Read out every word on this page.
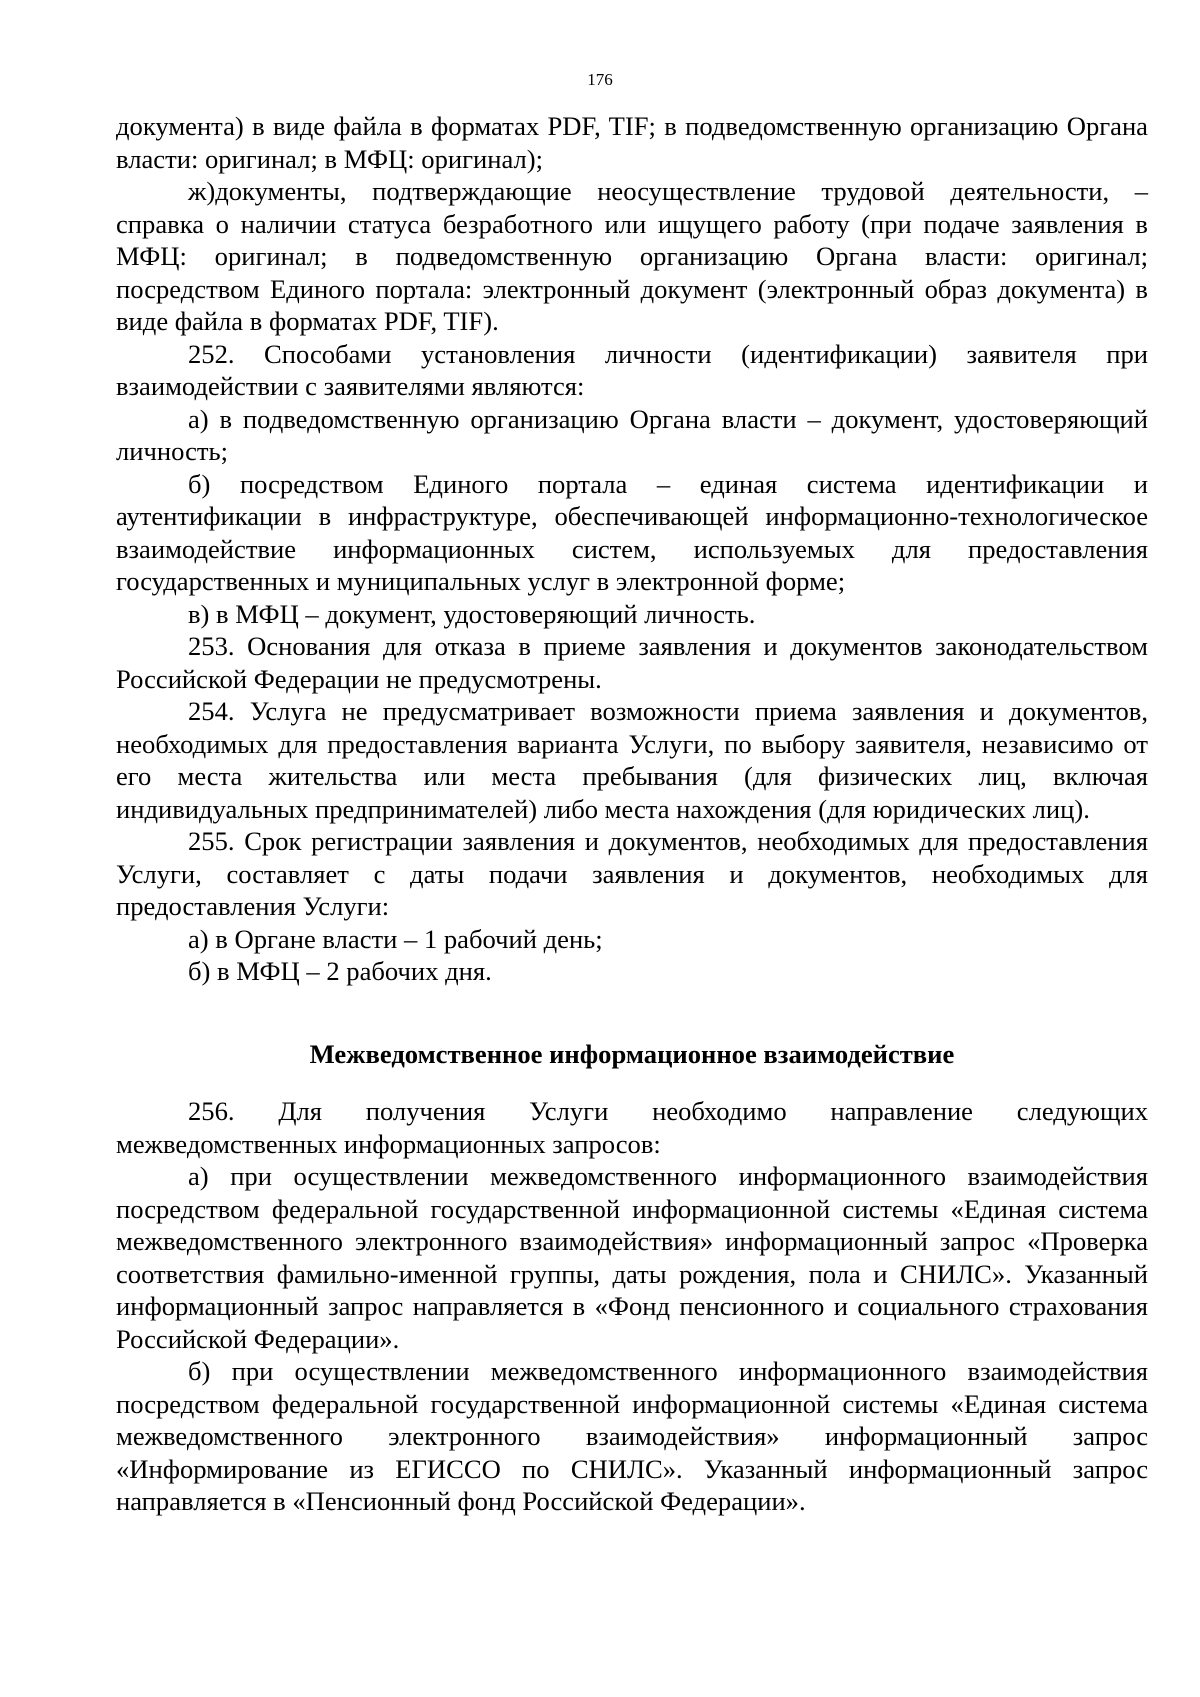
176

документа) в виде файла в форматах PDF, TIF; в подведомственную организацию Органа власти: оригинал; в МФЦ: оригинал);

ж)документы, подтверждающие неосуществление трудовой деятельности, – справка о наличии статуса безработного или ищущего работу (при подаче заявления в МФЦ: оригинал; в подведомственную организацию Органа власти: оригинал; посредством Единого портала: электронный документ (электронный образ документа) в виде файла в форматах PDF, TIF).

252. Способами установления личности (идентификации) заявителя при взаимодействии с заявителями являются:

а) в подведомственную организацию Органа власти – документ, удостоверяющий личность;

б) посредством Единого портала – единая система идентификации и аутентификации в инфраструктуре, обеспечивающей информационно-технологическое взаимодействие информационных систем, используемых для предоставления государственных и муниципальных услуг в электронной форме;

в) в МФЦ – документ, удостоверяющий личность.

253. Основания для отказа в приеме заявления и документов законодательством Российской Федерации не предусмотрены.

254. Услуга не предусматривает возможности приема заявления и документов, необходимых для предоставления варианта Услуги, по выбору заявителя, независимо от его места жительства или места пребывания (для физических лиц, включая индивидуальных предпринимателей) либо места нахождения (для юридических лиц).

255. Срок регистрации заявления и документов, необходимых для предоставления Услуги, составляет с даты подачи заявления и документов, необходимых для предоставления Услуги:

а) в Органе власти – 1 рабочий день;

б) в МФЦ – 2 рабочих дня.

Межведомственное информационное взаимодействие

256. Для получения Услуги необходимо направление следующих межведомственных информационных запросов:

а) при осуществлении межведомственного информационного взаимодействия посредством федеральной государственной информационной системы «Единая система межведомственного электронного взаимодействия» информационный запрос «Проверка соответствия фамильно-именной группы, даты рождения, пола и СНИЛС». Указанный информационный запрос направляется в «Фонд пенсионного и социального страхования Российской Федерации».

б) при осуществлении межведомственного информационного взаимодействия посредством федеральной государственной информационной системы «Единая система межведомственного электронного взаимодействия» информационный запрос «Информирование из ЕГИССО по СНИЛС». Указанный информационный запрос направляется в «Пенсионный фонд Российской Федерации».
